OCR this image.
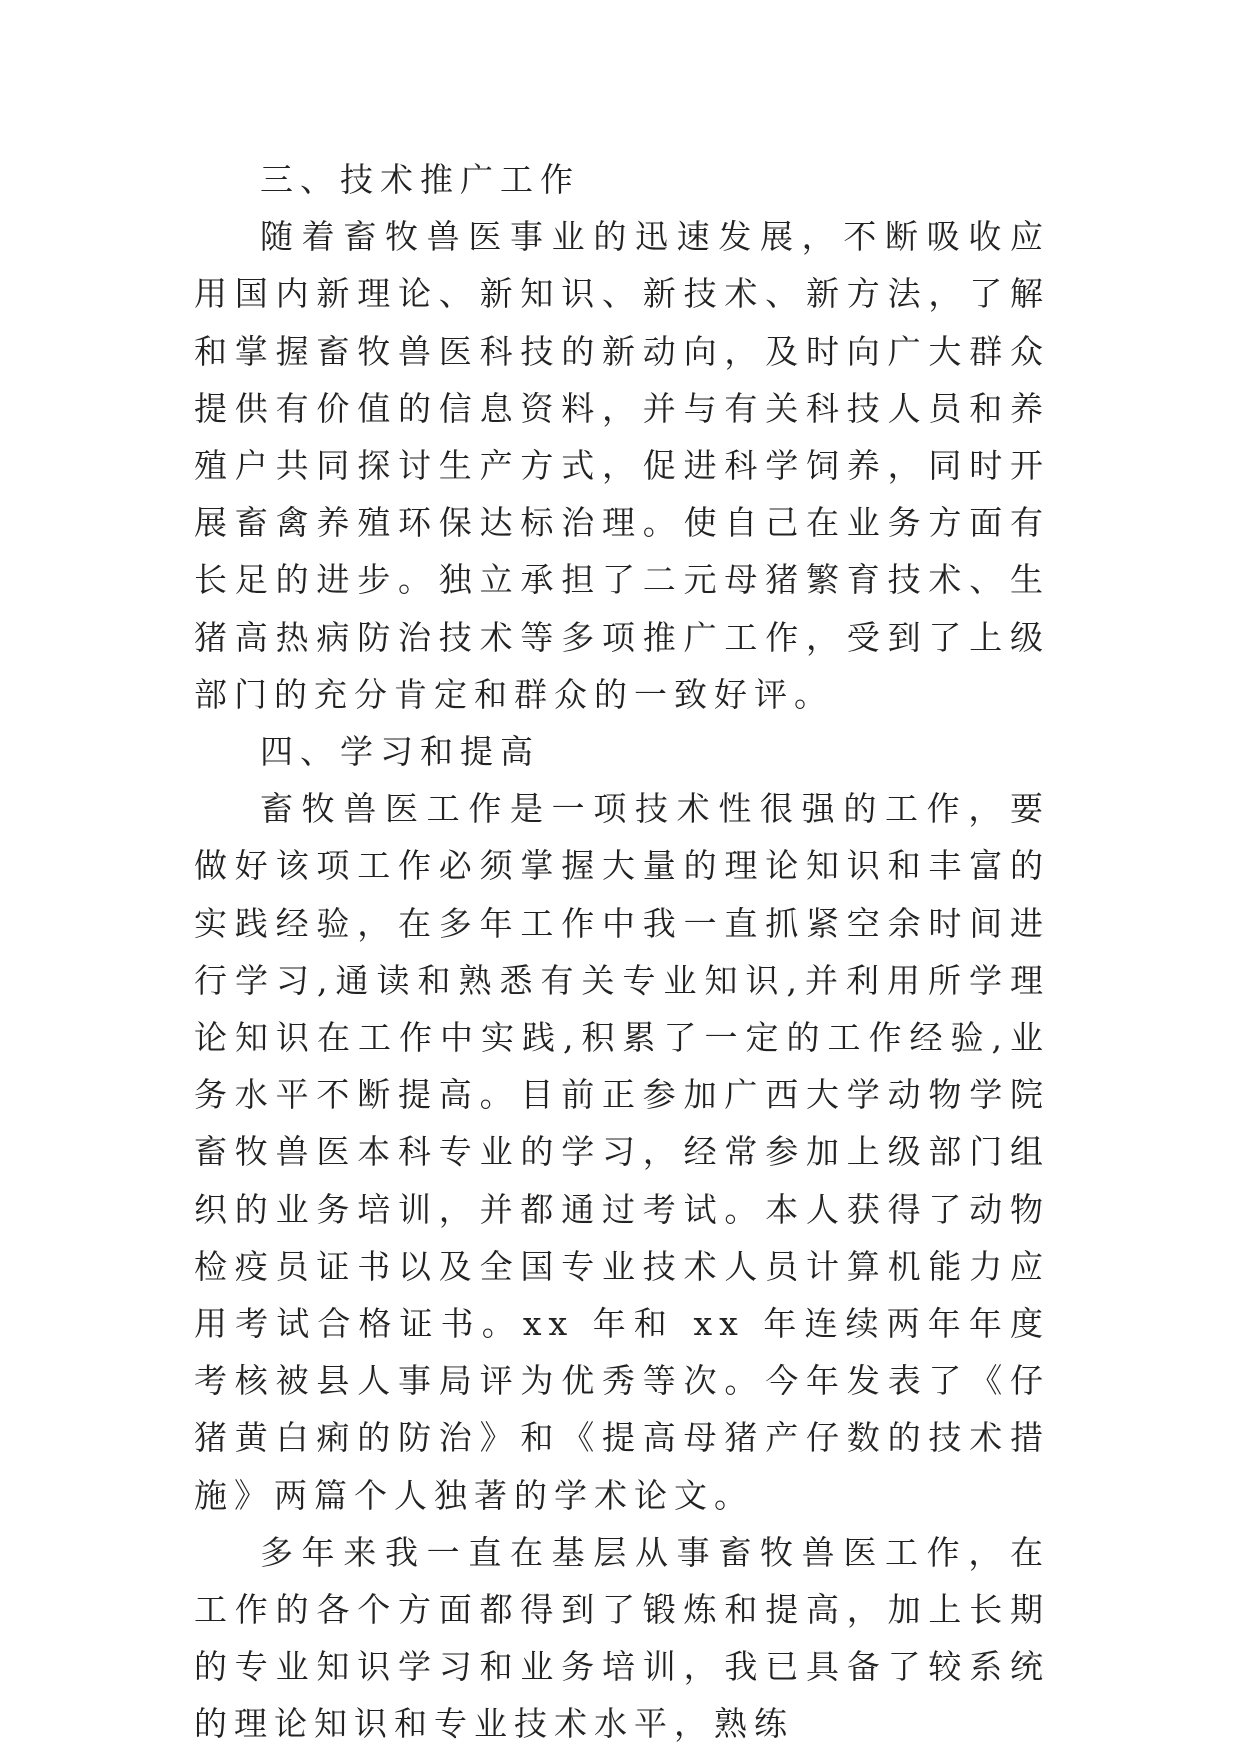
三、技术推广工作

随着畜牧兽医事业的迅速发展，不断吸收应用国内新理论、新知识、新技术、新方法，了解和掌握畜牧兽医科技的新动向，及时向广大群众提供有价值的信息资料，并与有关科技人员和养殖户共同探讨生产方式，促进科学饲养，同时开展畜禽养殖环保达标治理。使自己在业务方面有长足的进步。独立承担了二元母猪繁育技术、生猪高热病防治技术等多项推广工作，受到了上级部门的充分肯定和群众的一致好评。

四、学习和提高

畜牧兽医工作是一项技术性很强的工作，要做好该项工作必须掌握大量的理论知识和丰富的实践经验，在多年工作中我一直抓紧空余时间进行学习,通读和熟悉有关专业知识,并利用所学理论知识在工作中实践,积累了一定的工作经验,业务水平不断提高。目前正参加广西大学动物学院畜牧兽医本科专业的学习，经常参加上级部门组织的业务培训，并都通过考试。本人获得了动物检疫员证书以及全国专业技术人员计算机能力应用考试合格证书。xx 年和 xx 年连续两年年度考核被县人事局评为优秀等次。今年发表了《仔猪黄白痢的防治》和《提高母猪产仔数的技术措施》两篇个人独著的学术论文。

多年来我一直在基层从事畜牧兽医工作，在工作的各个方面都得到了锻炼和提高，加上长期的专业知识学习和业务培训，我已具备了较系统的理论知识和专业技术水平，熟练
